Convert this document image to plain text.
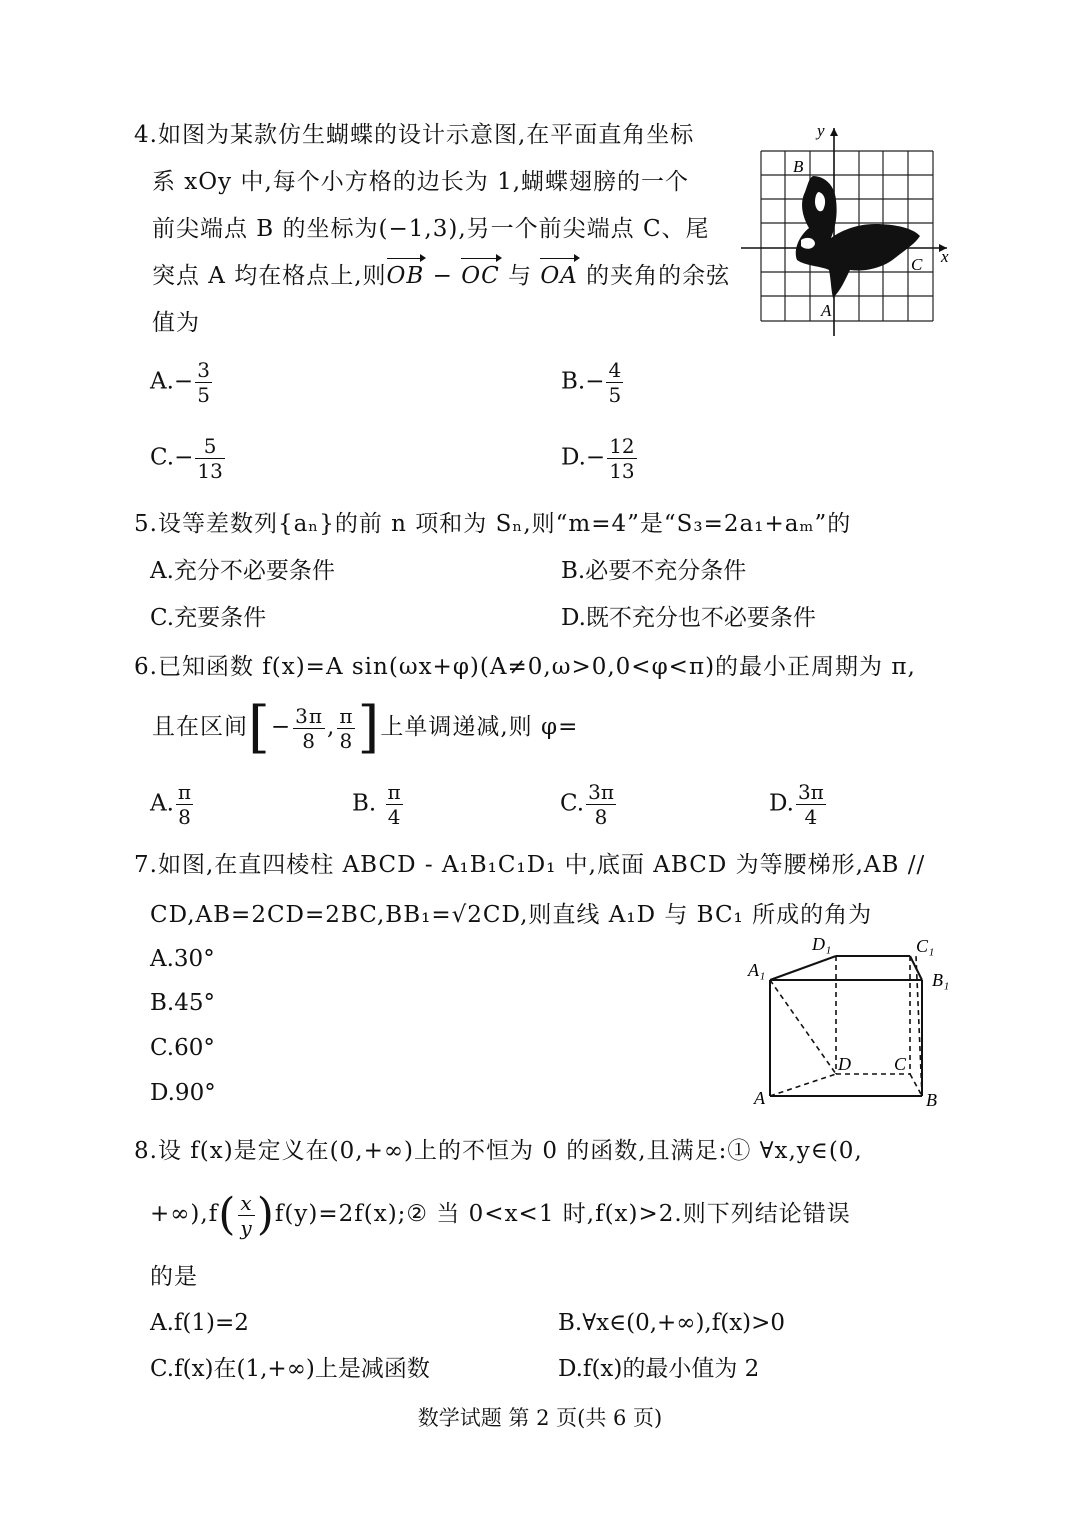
4.如图为某款仿生蝴蝶的设计示意图,在平面直角坐标
系 xOy 中,每个小方格的边长为 1,蝴蝶翅膀的一个
前尖端点 B 的坐标为(−1,3),另一个前尖端点 C、尾
突点 A 均在格点上,则OB − OC 与 OA 的夹角的余弦
值为
y
x
B
C
O
A
$A.- \frac{3}{5}$	$B.- \frac{4}{5}$
$C.- \frac{5}{13}$	$D.- \frac{12}{13}$
5.设等差数列{aₙ}的前 n 项和为 Sₙ,则“m=4”是“S₃=2a₁+aₘ”的
A.充分不必要条件	B.必要不充分条件
C.充要条件	D.既不充分也不必要条件
6.已知函数 f(x)=A sin(ωx+φ)(A≠0,ω>0,0<φ<π)的最小正周期为 π,
且在区间[− $\frac{3\pi}{8}$ , $\frac{\pi}{8}$ ]上单调递减,则 φ=
A. $\frac{\pi}{8}$	B. $\frac{\pi}{4}$	C. $\frac{3\pi}{8}$	D. $\frac{3\pi}{4}$
7.如图,在直四棱柱 ABCD - A₁B₁C₁D₁ 中,底面 ABCD 为等腰梯形,AB //
CD,AB=2CD=2BC,BB₁=√2CD,则直线 A₁D 与 BC₁ 所成的角为
A.30°
B.45°
C.60°
D.90°
A₁
D₁	C₁
B₁
A	B
C
D
8.设 f(x)是定义在(0,+∞)上的不恒为 0 的函数,且满足:① ∀x,y∈(0,
$+\infty),f( \frac{x}{y}$ )f(y)=2f(x);② 当 0<x<1 时,f(x)>2.则下列结论错误
的是
A.f(1)=2	B.∀x∈(0,+∞),f(x)>0
C.f(x)在(1,+∞)上是减函数	D.f(x)的最小值为 2
数学试题 第 2 页(共 6 页)
